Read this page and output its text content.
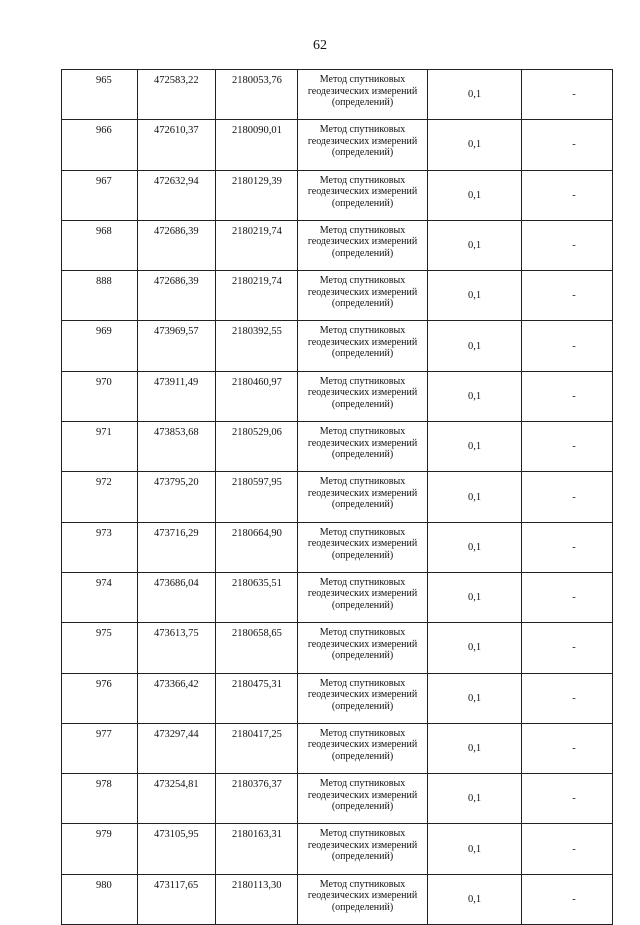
62
965	472583,22	2180053,76	Метод спутниковых
геодезических измерений
(определений)	0,1	-
966	472610,37	2180090,01	Метод спутниковых
геодезических измерений
(определений)	0,1	-
967	472632,94	2180129,39	Метод спутниковых
геодезических измерений
(определений)	0,1	-
968	472686,39	2180219,74	Метод спутниковых
геодезических измерений
(определений)	0,1	-
888	472686,39	2180219,74	Метод спутниковых
геодезических измерений
(определений)	0,1	-
969	473969,57	2180392,55	Метод спутниковых
геодезических измерений
(определений)	0,1	-
970	473911,49	2180460,97	Метод спутниковых
геодезических измерений
(определений)	0,1	-
971	473853,68	2180529,06	Метод спутниковых
геодезических измерений
(определений)	0,1	-
972	473795,20	2180597,95	Метод спутниковых
геодезических измерений
(определений)	0,1	-
973	473716,29	2180664,90	Метод спутниковых
геодезических измерений
(определений)	0,1	-
974	473686,04	2180635,51	Метод спутниковых
геодезических измерений
(определений)	0,1	-
975	473613,75	2180658,65	Метод спутниковых
геодезических измерений
(определений)	0,1	-
976	473366,42	2180475,31	Метод спутниковых
геодезических измерений
(определений)	0,1	-
977	473297,44	2180417,25	Метод спутниковых
геодезических измерений
(определений)	0,1	-
978	473254,81	2180376,37	Метод спутниковых
геодезических измерений
(определений)	0,1	-
979	473105,95	2180163,31	Метод спутниковых
геодезических измерений
(определений)	0,1	-
980	473117,65	2180113,30	Метод спутниковых
геодезических измерений
(определений)	0,1	-
